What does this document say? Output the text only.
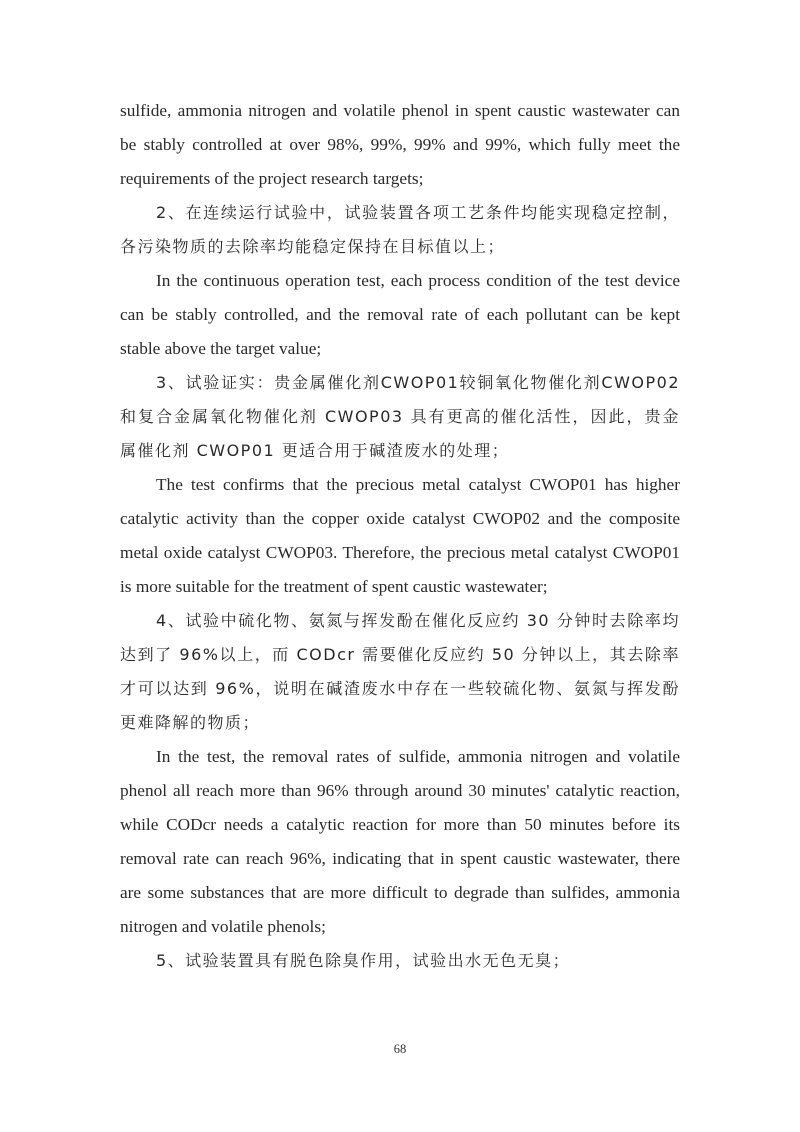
sulfide, ammonia nitrogen and volatile phenol in spent caustic wastewater can be stably controlled at over 98%, 99%, 99% and 99%, which fully meet the requirements of the project research targets;

2、在连续运行试验中，试验装置各项工艺条件均能实现稳定控制，各污染物质的去除率均能稳定保持在目标值以上；

In the continuous operation test, each process condition of the test device can be stably controlled, and the removal rate of each pollutant can be kept stable above the target value;

3、试验证实：贵金属催化剂CWOP01较铜氧化物催化剂CWOP02和复合金属氧化物催化剂 CWOP03 具有更高的催化活性，因此，贵金属催化剂 CWOP01 更适合用于碱渣废水的处理；

The test confirms that the precious metal catalyst CWOP01 has higher catalytic activity than the copper oxide catalyst CWOP02 and the composite metal oxide catalyst CWOP03. Therefore, the precious metal catalyst CWOP01 is more suitable for the treatment of spent caustic wastewater;

4、试验中硫化物、氨氮与挥发酚在催化反应约 30 分钟时去除率均达到了 96%以上，而 CODcr 需要催化反应约 50 分钟以上，其去除率才可以达到 96%，说明在碱渣废水中存在一些较硫化物、氨氮与挥发酚更难降解的物质；

In the test, the removal rates of sulfide, ammonia nitrogen and volatile phenol all reach more than 96% through around 30 minutes' catalytic reaction, while CODcr needs a catalytic reaction for more than 50 minutes before its removal rate can reach 96%, indicating that in spent caustic wastewater, there are some substances that are more difficult to degrade than sulfides, ammonia nitrogen and volatile phenols;

5、试验装置具有脱色除臭作用，试验出水无色无臭；

68
